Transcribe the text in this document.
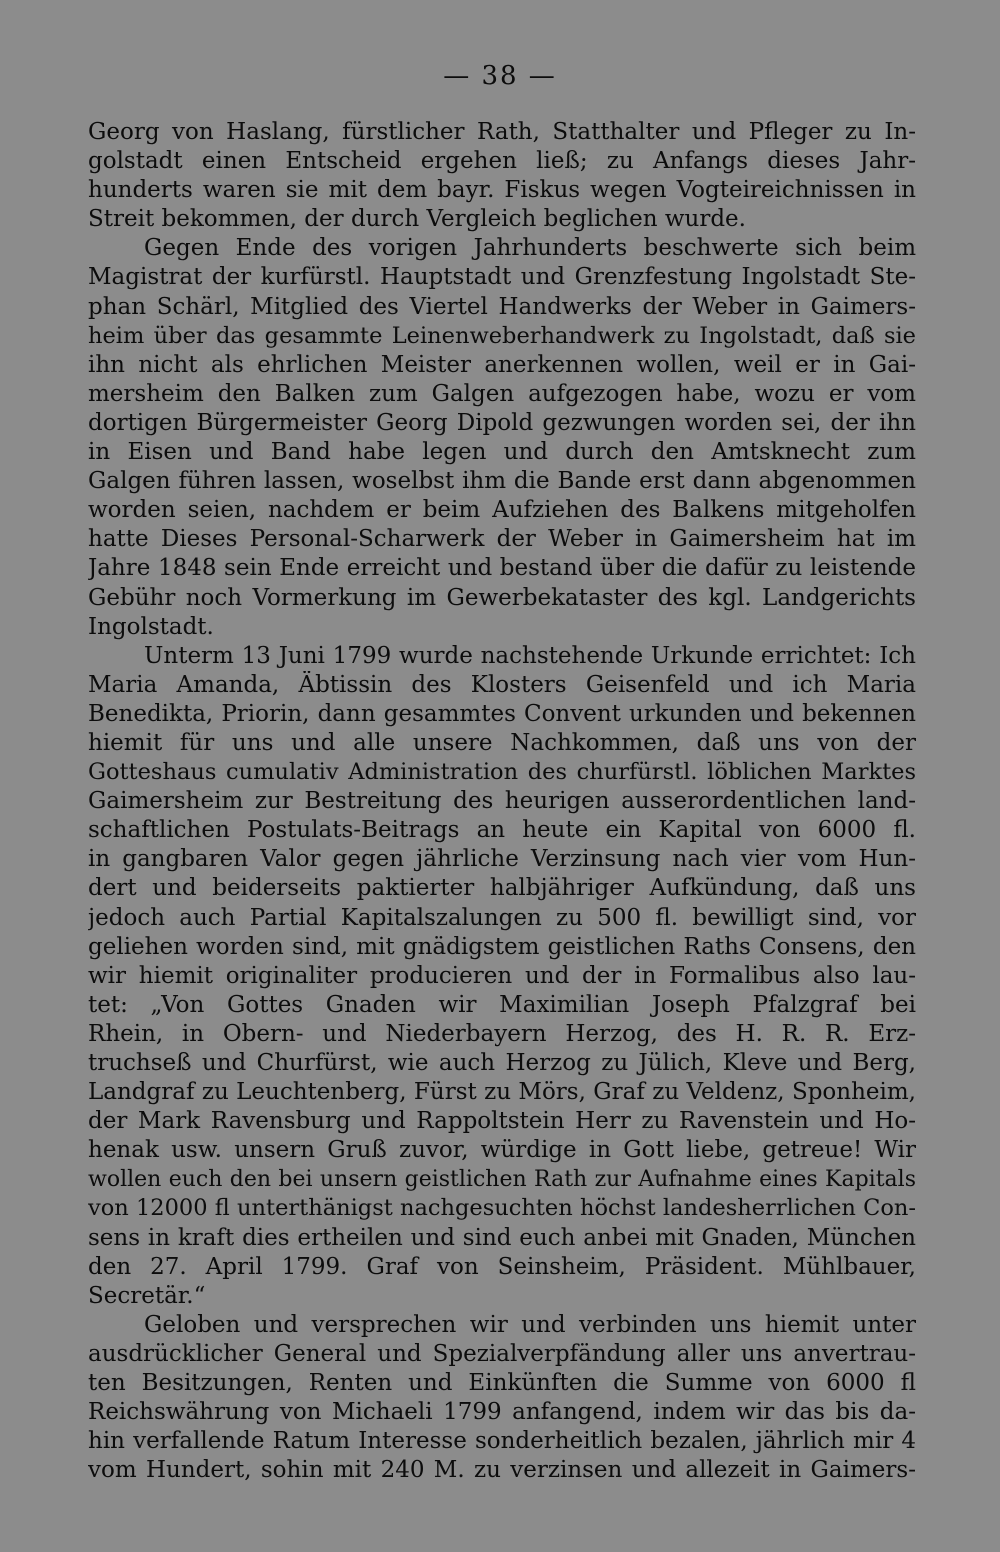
— 38 —
Georg von Haslang, fürstlicher Rath, Statthalter und Pfleger zu In-
golstadt einen Entscheid ergehen ließ; zu Anfangs dieses Jahr-
hunderts waren sie mit dem bayr. Fiskus wegen Vogteireichnissen in
Streit bekommen, der durch Vergleich beglichen wurde.
Gegen Ende des vorigen Jahrhunderts beschwerte sich beim
Magistrat der kurfürstl. Hauptstadt und Grenzfestung Ingolstadt Ste-
phan Schärl, Mitglied des Viertel Handwerks der Weber in Gaimers-
heim über das gesammte Leinenweberhandwerk zu Ingolstadt, daß sie
ihn nicht als ehrlichen Meister anerkennen wollen, weil er in Gai-
mersheim den Balken zum Galgen aufgezogen habe, wozu er vom
dortigen Bürgermeister Georg Dipold gezwungen worden sei, der ihn
in Eisen und Band habe legen und durch den Amtsknecht zum
Galgen führen lassen, woselbst ihm die Bande erst dann abgenommen
worden seien, nachdem er beim Aufziehen des Balkens mitgeholfen
hatte Dieses Personal-Scharwerk der Weber in Gaimersheim hat im
Jahre 1848 sein Ende erreicht und bestand über die dafür zu leistende
Gebühr noch Vormerkung im Gewerbekataster des kgl. Landgerichts
Ingolstadt.
Unterm 13 Juni 1799 wurde nachstehende Urkunde errichtet: Ich
Maria Amanda, Äbtissin des Klosters Geisenfeld und ich Maria
Benedikta, Priorin, dann gesammtes Convent urkunden und bekennen
hiemit für uns und alle unsere Nachkommen, daß uns von der
Gotteshaus cumulativ Administration des churfürstl. löblichen Marktes
Gaimersheim zur Bestreitung des heurigen ausserordentlichen land-
schaftlichen Postulats-Beitrags an heute ein Kapital von 6000 fl.
in gangbaren Valor gegen jährliche Verzinsung nach vier vom Hun-
dert und beiderseits paktierter halbjähriger Aufkündung, daß uns
jedoch auch Partial Kapitalszalungen zu 500 fl. bewilligt sind, vor
geliehen worden sind, mit gnädigstem geistlichen Raths Consens, den
wir hiemit originaliter producieren und der in Formalibus also lau-
tet: „Von Gottes Gnaden wir Maximilian Joseph Pfalzgraf bei
Rhein, in Obern- und Niederbayern Herzog, des H. R. R. Erz-
truchseß und Churfürst, wie auch Herzog zu Jülich, Kleve und Berg,
Landgraf zu Leuchtenberg, Fürst zu Mörs, Graf zu Veldenz, Sponheim,
der Mark Ravensburg und Rappoltstein Herr zu Ravenstein und Ho-
henak usw. unsern Gruß zuvor, würdige in Gott liebe, getreue! Wir
wollen euch den bei unsern geistlichen Rath zur Aufnahme eines Kapitals
von 12000 fl unterthänigst nachgesuchten höchst landesherrlichen Con-
sens in kraft dies ertheilen und sind euch anbei mit Gnaden, München
den 27. April 1799. Graf von Seinsheim, Präsident. Mühlbauer,
Secretär.“
Geloben und versprechen wir und verbinden uns hiemit unter
ausdrücklicher General und Spezialverpfändung aller uns anvertrau-
ten Besitzungen, Renten und Einkünften die Summe von 6000 fl
Reichswährung von Michaeli 1799 anfangend, indem wir das bis da-
hin verfallende Ratum Interesse sonderheitlich bezalen, jährlich mir 4
vom Hundert, sohin mit 240 M. zu verzinsen und allezeit in Gaimers-
